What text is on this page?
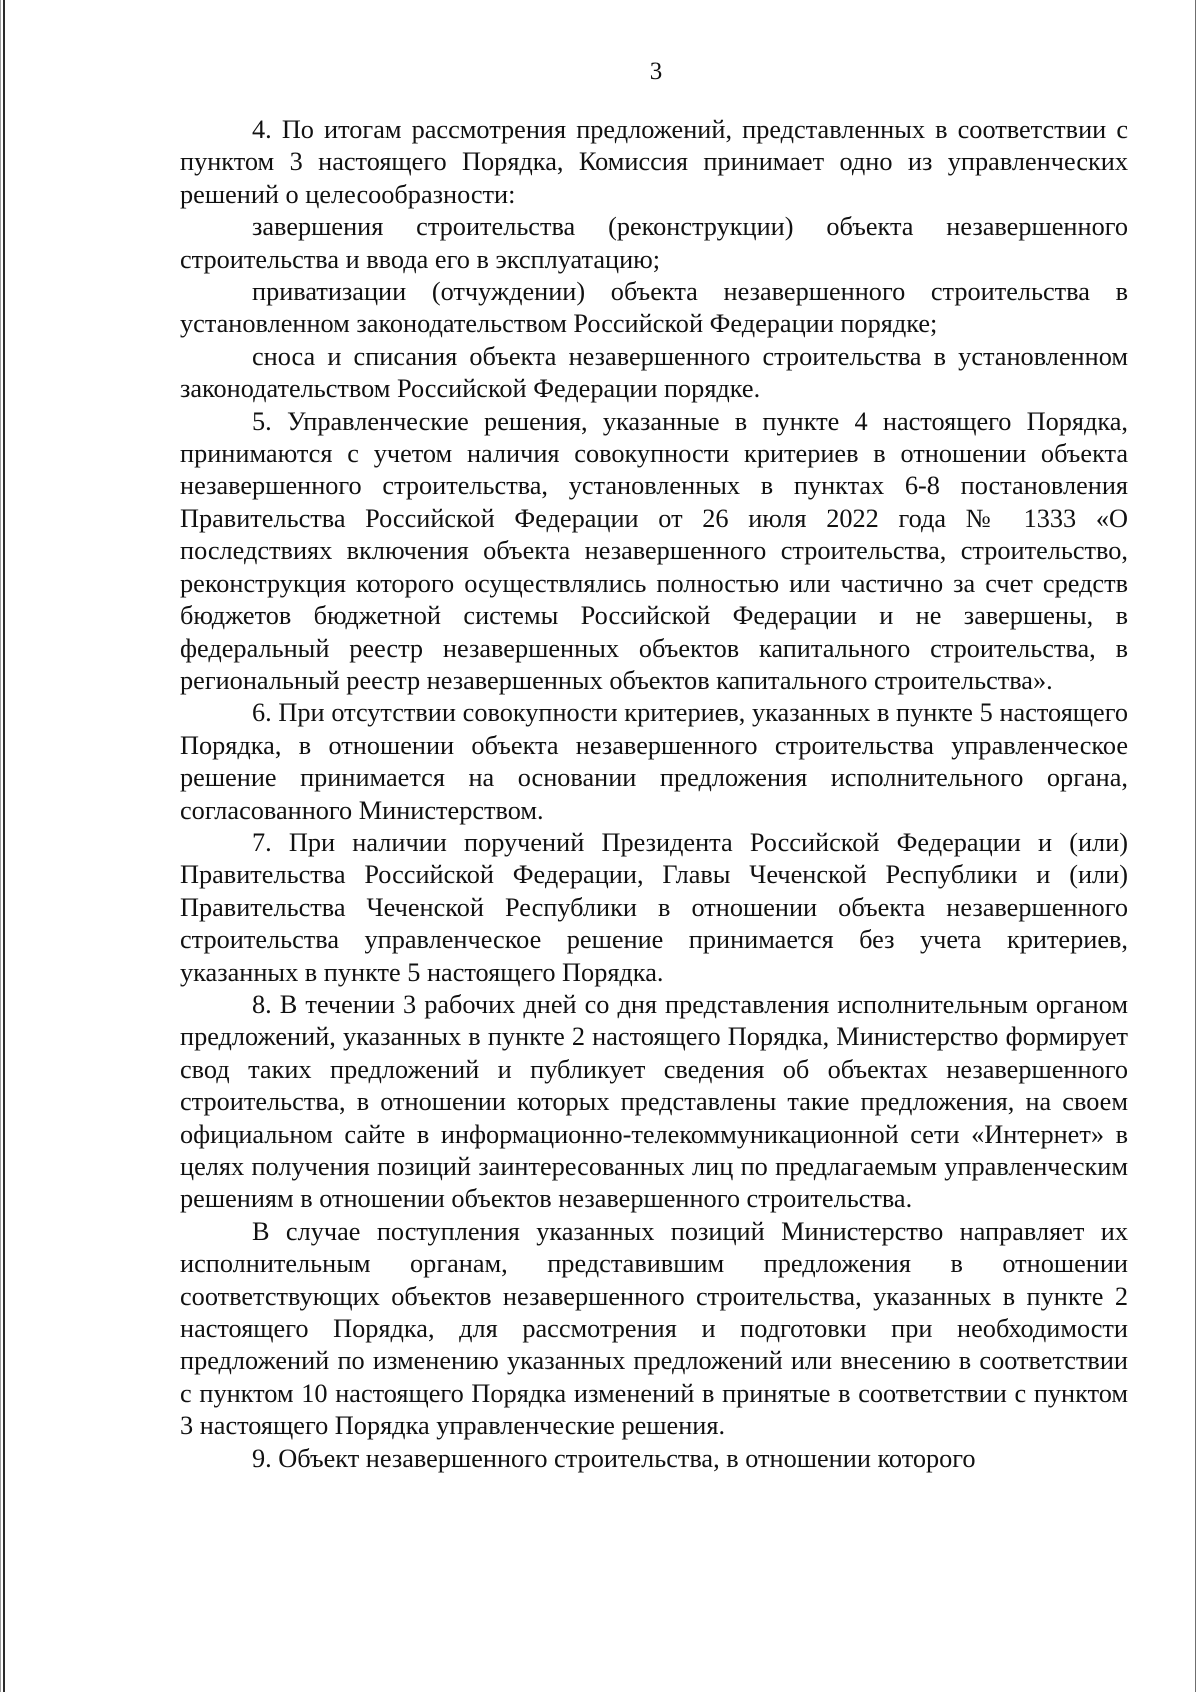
3

4. По итогам рассмотрения предложений, представленных в соответствии с пунктом 3 настоящего Порядка, Комиссия принимает одно из управленческих решений о целесообразности:

завершения строительства (реконструкции) объекта незавершенного строительства и ввода его в эксплуатацию;

приватизации (отчуждении) объекта незавершенного строительства в установленном законодательством Российской Федерации порядке;

сноса и списания объекта незавершенного строительства в установленном законодательством Российской Федерации порядке.

5. Управленческие решения, указанные в пункте 4 настоящего Порядка, принимаются с учетом наличия совокупности критериев в отношении объекта незавершенного строительства, установленных в пунктах 6-8 постановления Правительства Российской Федерации от 26 июля 2022 года № 1333 «О последствиях включения объекта незавершенного строительства, строительство, реконструкция которого осуществлялись полностью или частично за счет средств бюджетов бюджетной системы Российской Федерации и не завершены, в федеральный реестр незавершенных объектов капитального строительства, в региональный реестр незавершенных объектов капитального строительства».

6. При отсутствии совокупности критериев, указанных в пункте 5 настоящего Порядка, в отношении объекта незавершенного строительства управленческое решение принимается на основании предложения исполнительного органа, согласованного Министерством.

7. При наличии поручений Президента Российской Федерации и (или) Правительства Российской Федерации, Главы Чеченской Республики и (или) Правительства Чеченской Республики в отношении объекта незавершенного строительства управленческое решение принимается без учета критериев, указанных в пункте 5 настоящего Порядка.

8. В течении 3 рабочих дней со дня представления исполнительным органом предложений, указанных в пункте 2 настоящего Порядка, Министерство формирует свод таких предложений и публикует сведения об объектах незавершенного строительства, в отношении которых представлены такие предложения, на своем официальном сайте в информационно-телекоммуникационной сети «Интернет» в целях получения позиций заинтересованных лиц по предлагаемым управленческим решениям в отношении объектов незавершенного строительства.

В случае поступления указанных позиций Министерство направляет их исполнительным органам, представившим предложения в отношении соответствующих объектов незавершенного строительства, указанных в пункте 2 настоящего Порядка, для рассмотрения и подготовки при необходимости предложений по изменению указанных предложений или внесению в соответствии с пунктом 10 настоящего Порядка изменений в принятые в соответствии с пунктом 3 настоящего Порядка управленческие решения.

9. Объект незавершенного строительства, в отношении которого
